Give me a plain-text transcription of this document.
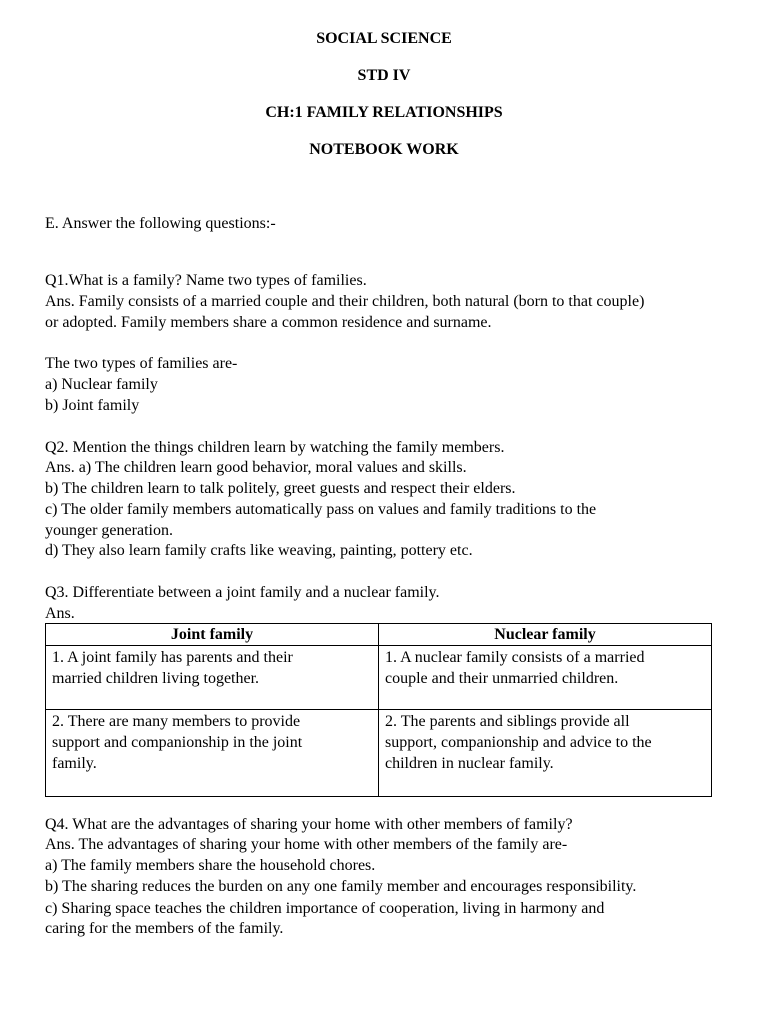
SOCIAL SCIENCE
STD IV
CH:1 FAMILY RELATIONSHIPS
NOTEBOOK WORK
E. Answer the following questions:-
Q1.What is a family? Name two types of families.
Ans. Family consists of a married couple and their children, both natural (born to that couple)
or adopted. Family members share a common residence and surname.
The two types of families are-
a) Nuclear family
b) Joint family
Q2. Mention the things children learn by watching the family members.
Ans. a) The children learn good behavior, moral values and skills.
b) The children learn to talk politely, greet guests and respect their elders.
c) The older family members automatically pass on values and family traditions to the
younger generation.
d) They also learn family crafts like weaving, painting, pottery etc.
Q3. Differentiate between a joint family and a nuclear family.
Ans.
Joint family	Nuclear family

1. A joint family has parents and their
married children living together.	1. A nuclear family consists of a married
couple and their unmarried children.

2. There are many members to provide
support and companionship in the joint
family.	2. The parents and siblings provide all
support, companionship and advice to the
children in nuclear family.
Q4. What are the advantages of sharing your home with other members of family?
Ans. The advantages of sharing your home with other members of the family are-
a) The family members share the household chores.
b) The sharing reduces the burden on any one family member and encourages responsibility.
c) Sharing space teaches the children importance of cooperation, living in harmony and
caring for the members of the family.
